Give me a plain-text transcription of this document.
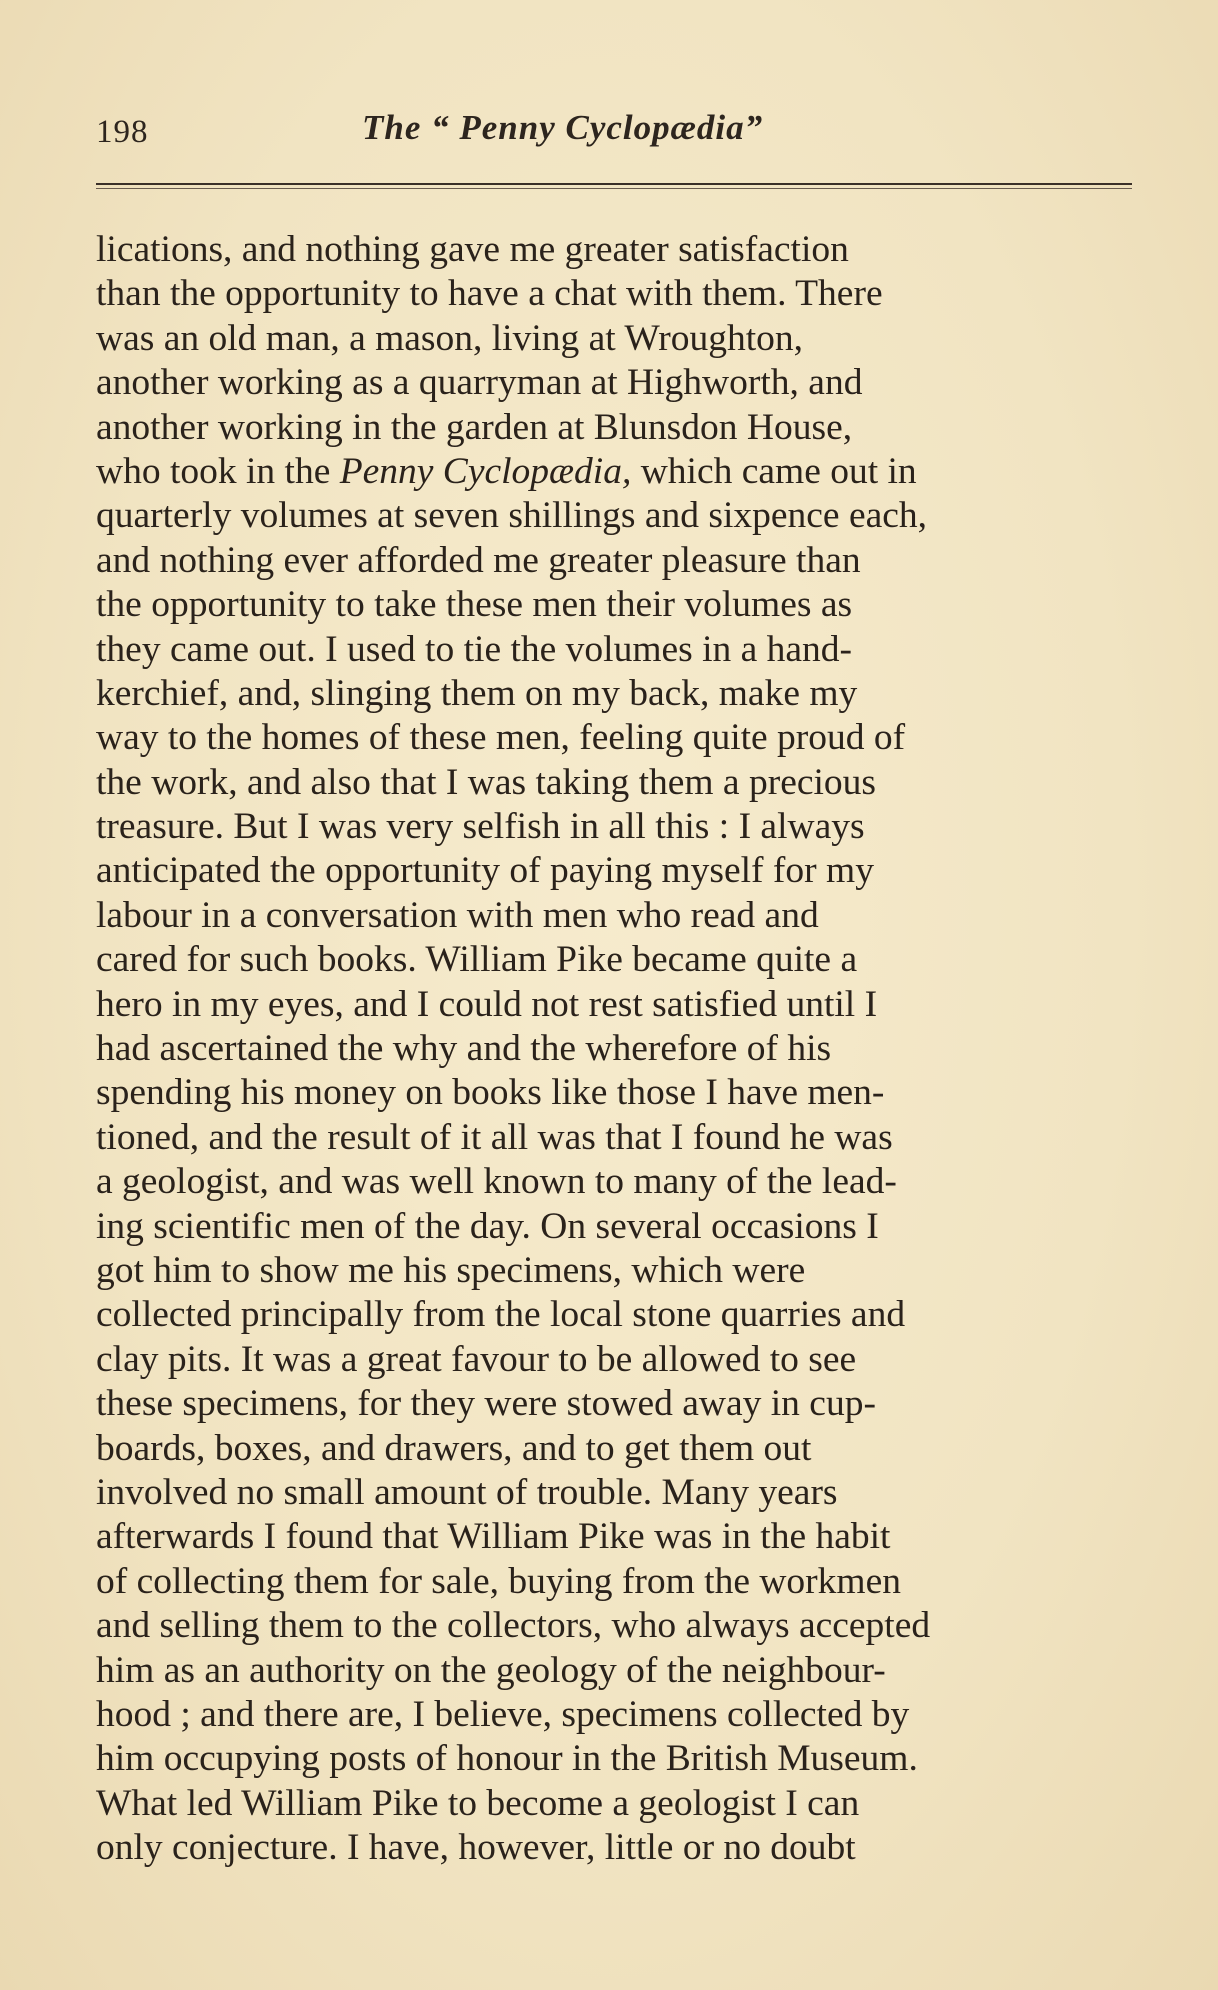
198	The “ Penny Cyclopædia”
lications, and nothing gave me greater satisfaction
than the opportunity to have a chat with them. There
was an old man, a mason, living at Wroughton,
another working as a quarryman at Highworth, and
another working in the garden at Blunsdon House,
who took in the Penny Cyclopædia, which came out in
quarterly volumes at seven shillings and sixpence each,
and nothing ever afforded me greater pleasure than
the opportunity to take these men their volumes as
they came out. I used to tie the volumes in a hand-
kerchief, and, slinging them on my back, make my
way to the homes of these men, feeling quite proud of
the work, and also that I was taking them a precious
treasure. But I was very selfish in all this : I always
anticipated the opportunity of paying myself for my
labour in a conversation with men who read and
cared for such books. William Pike became quite a
hero in my eyes, and I could not rest satisfied until I
had ascertained the why and the wherefore of his
spending his money on books like those I have men-
tioned, and the result of it all was that I found he was
a geologist, and was well known to many of the lead-
ing scientific men of the day. On several occasions I
got him to show me his specimens, which were
collected principally from the local stone quarries and
clay pits. It was a great favour to be allowed to see
these specimens, for they were stowed away in cup-
boards, boxes, and drawers, and to get them out
involved no small amount of trouble. Many years
afterwards I found that William Pike was in the habit
of collecting them for sale, buying from the workmen
and selling them to the collectors, who always accepted
him as an authority on the geology of the neighbour-
hood ; and there are, I believe, specimens collected by
him occupying posts of honour in the British Museum.
What led William Pike to become a geologist I can
only conjecture. I have, however, little or no doubt
